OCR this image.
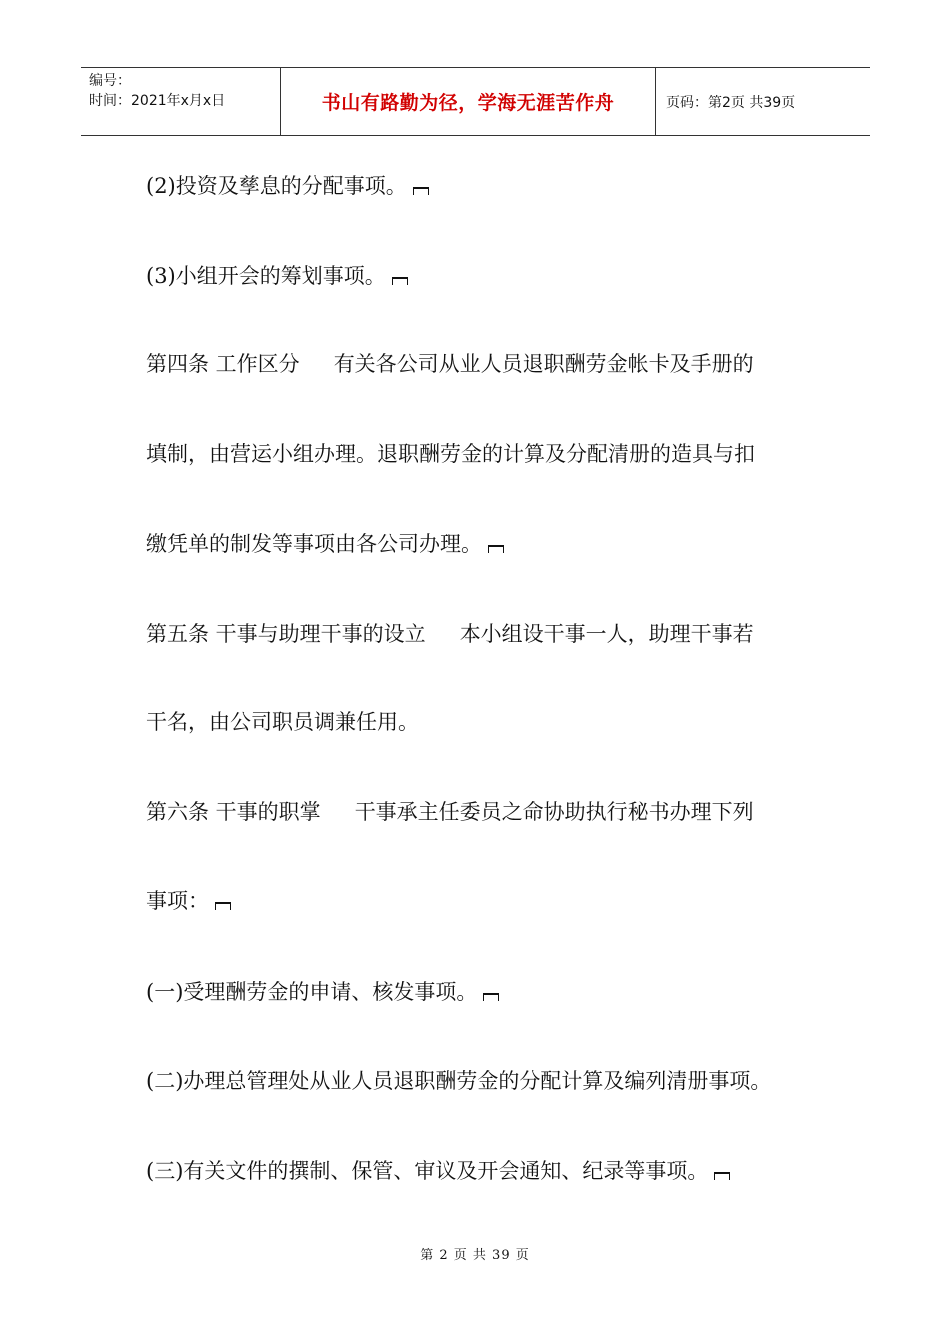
编号：
时间：2021年x月x日	书山有路勤为径，学海无涯苦作舟	页码：第2页 共39页
(2)投资及孳息的分配事项。
(3)小组开会的筹划事项。
第四条 工作区分 有关各公司从业人员退职酬劳金帐卡及手册的
填制，由营运小组办理。退职酬劳金的计算及分配清册的造具与扣
缴凭单的制发等事项由各公司办理。
第五条 干事与助理干事的设立 本小组设干事一人，助理干事若
干名，由公司职员调兼任用。
第六条 干事的职掌 干事承主任委员之命协助执行秘书办理下列
事项：
(一)受理酬劳金的申请、核发事项。
(二)办理总管理处从业人员退职酬劳金的分配计算及编列清册事项。
(三)有关文件的撰制、保管、审议及开会通知、纪录等事项。
第 2 页 共 39 页
